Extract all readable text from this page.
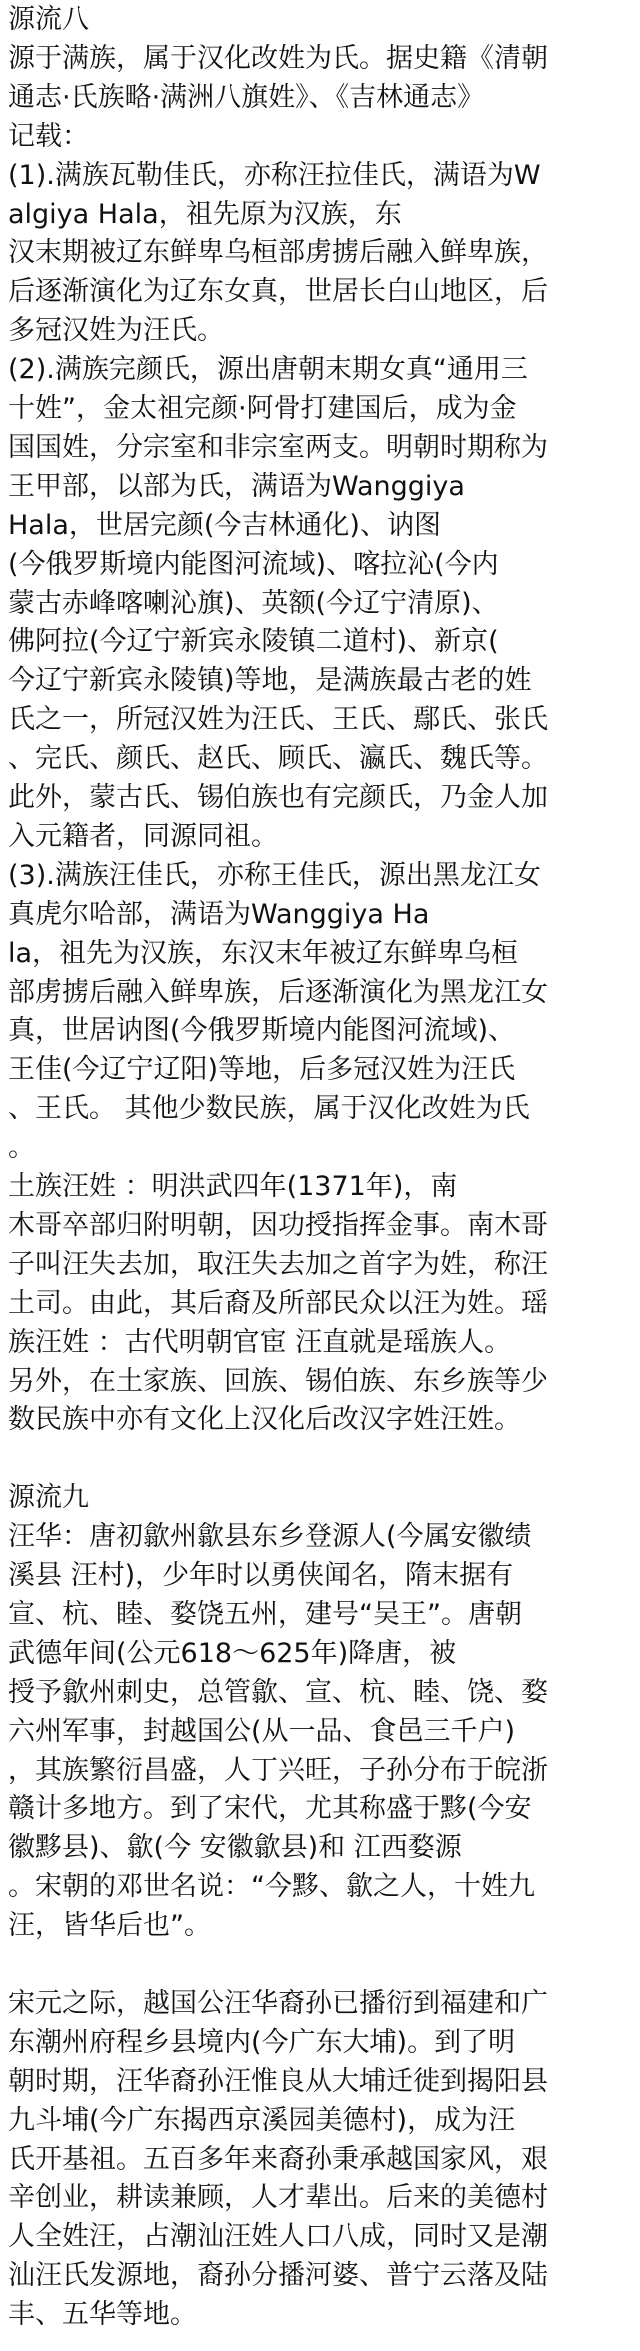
源流八
源于满族，属于汉化改姓为氏。据史籍《清朝
通志·氏族略·满洲八旗姓》、《吉林通志》
记载：
(1).满族瓦勒佳氏，亦称汪拉佳氏，满语为W
algiya Hala，祖先原为汉族，东
汉末期被辽东鲜卑乌桓部虏掳后融入鲜卑族，
后逐渐演化为辽东女真，世居长白山地区，后
多冠汉姓为汪氏。
(2).满族完颜氏，源出唐朝末期女真“通用三
十姓”，金太祖完颜·阿骨打建国后，成为金
国国姓，分宗室和非宗室两支。明朝时期称为
王甲部，以部为氏，满语为Wanggiya
Hala，世居完颜(今吉林通化)、讷图
(今俄罗斯境内能图河流域)、喀拉沁(今内
蒙古赤峰喀喇沁旗)、英额(今辽宁清原)、
佛阿拉(今辽宁新宾永陵镇二道村)、新京(
今辽宁新宾永陵镇)等地，是满族最古老的姓
氏之一，所冠汉姓为汪氏、王氏、鄢氏、张氏
、完氏、颜氏、赵氏、顾氏、瀛氏、魏氏等。
此外，蒙古氏、锡伯族也有完颜氏，乃金人加
入元籍者，同源同祖。
(3).满族汪佳氏，亦称王佳氏，源出黑龙江女
真虎尔哈部，满语为Wanggiya Ha
la，祖先为汉族，东汉末年被辽东鲜卑乌桓
部虏掳后融入鲜卑族，后逐渐演化为黑龙江女
真，世居讷图(今俄罗斯境内能图河流域)、
王佳(今辽宁辽阳)等地，后多冠汉姓为汪氏
、王氏。 其他少数民族，属于汉化改姓为氏
。
土族汪姓 ：明洪武四年(1371年)，南
木哥卒部归附明朝，因功授指挥金事。南木哥
子叫汪失去加，取汪失去加之首字为姓，称汪
土司。由此，其后裔及所部民众以汪为姓。瑶
族汪姓 ：古代明朝官宦 汪直就是瑶族人。
另外，在土家族、回族、锡伯族、东乡族等少
数民族中亦有文化上汉化后改汉字姓汪姓。
源流九
汪华：唐初歙州歙县东乡登源人(今属安徽绩
溪县 汪村)，少年时以勇侠闻名，隋末据有
宣、杭、睦、婺饶五州，建号“吴王”。唐朝
武德年间(公元618～625年)降唐，被
授予歙州刺史，总管歙、宣、杭、睦、饶、婺
六州军事，封越国公(从一品、食邑三千户)
，其族繁衍昌盛，人丁兴旺，子孙分布于皖浙
赣计多地方。到了宋代，尤其称盛于黟(今安
徽黟县)、歙(今 安徽歙县)和 江西婺源
。宋朝的邓世名说：“今黟、歙之人，十姓九
汪，皆华后也”。
宋元之际，越国公汪华裔孙已播衍到福建和广
东潮州府程乡县境内(今广东大埔)。到了明
朝时期，汪华裔孙汪惟良从大埔迁徙到揭阳县
九斗埔(今广东揭西京溪园美德村)，成为汪
氏开基祖。五百多年来裔孙秉承越国家风，艰
辛创业，耕读兼顾，人才辈出。后来的美德村
人全姓汪，占潮汕汪姓人口八成，同时又是潮
汕汪氏发源地，裔孙分播河婆、普宁云落及陆
丰、五华等地。
